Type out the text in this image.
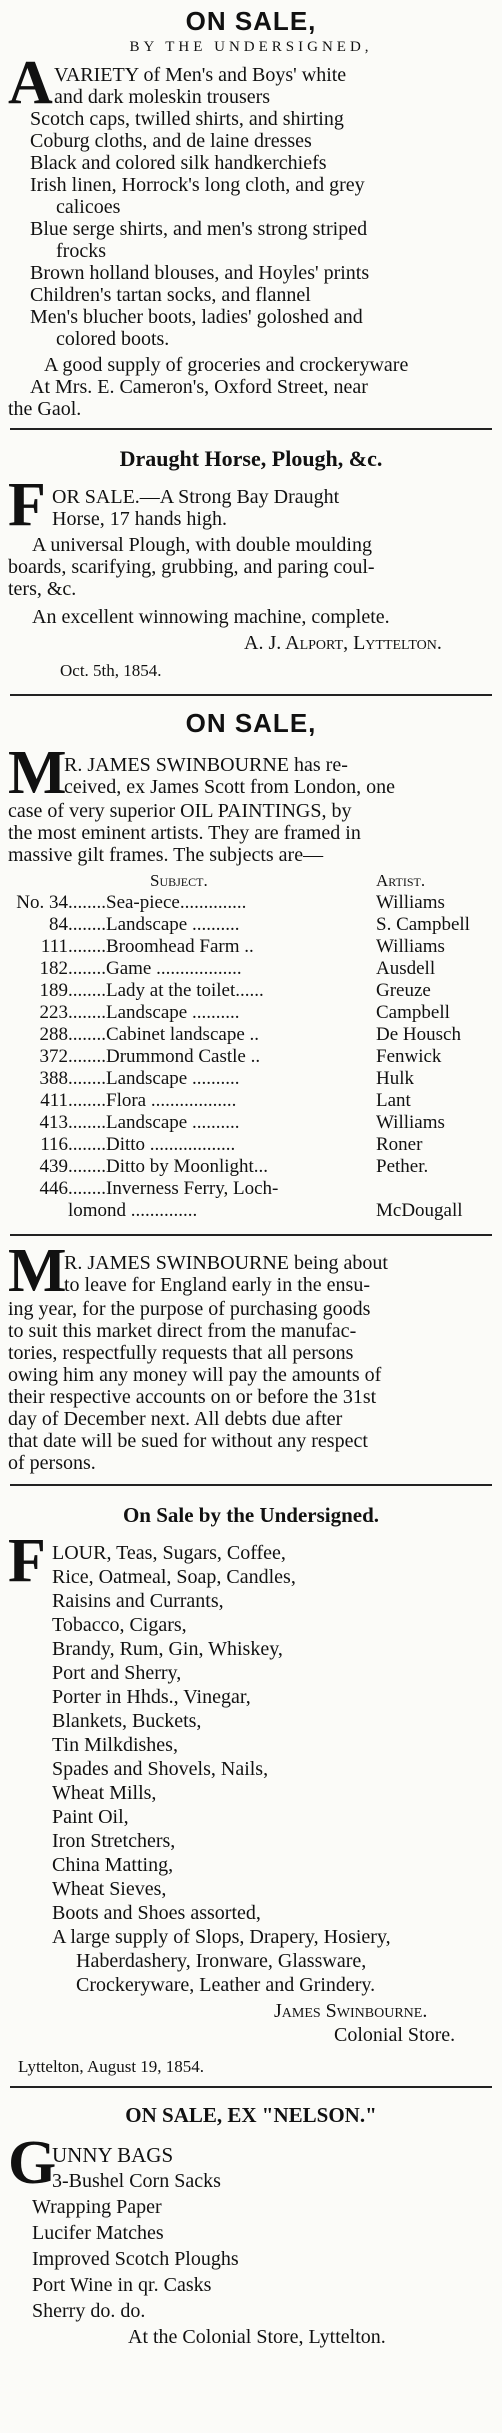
ON SALE,
BY THE UNDERSIGNED,
A VARIETY of Men's and Boys' white
and dark moleskin trousers
Scotch caps, twilled shirts, and shirting
Coburg cloths, and de laine dresses
Black and colored silk handkerchiefs
Irish linen, Horrock's long cloth, and grey
calicoes
Blue serge shirts, and men's strong striped
frocks
Brown holland blouses, and Hoyles' prints
Children's tartan socks, and flannel
Men's blucher boots, ladies' goloshed and
colored boots.
A good supply of groceries and crockeryware
At Mrs. E. Cameron's, Oxford Street, near
the Gaol.
Draught Horse, Plough, &c.
F OR SALE.—A Strong Bay Draught
Horse, 17 hands high.
A universal Plough, with double moulding
boards, scarifying, grubbing, and paring coul-
ters, &c.
An excellent winnowing machine, complete.
A. J. Alport, Lyttelton.
Oct. 5th, 1854.
ON SALE,
M
R. JAMES SWINBOURNE has re-
ceived, ex James Scott from London, one
case of very superior OIL PAINTINGS, by
the most eminent artists. They are framed in
massive gilt frames. The subjects are—
Subject.	Artist.
No. 34 ........Sea-piece..............	Williams
84 ........Landscape ..........	S. Campbell
111 ........Broomhead Farm ..	Williams
182 ........Game ..................	Ausdell
189 ........Lady at the toilet......	Greuze
223 ........Landscape ..........	Campbell
288 ........Cabinet landscape ..	De Housch
372 ........Drummond Castle ..	Fenwick
388 ........Landscape ..........	Hulk
411 ........Flora ..................	Lant
413 ........Landscape ..........	Williams
116 ........Ditto ..................	Roner
439 ........Ditto by Moonlight...	Pether.
446 ........Inverness Ferry, Loch-
lomond ..............	McDougall
M
R. JAMES SWINBOURNE being about
to leave for England early in the ensu-
ing year, for the purpose of purchasing goods
to suit this market direct from the manufac-
tories, respectfully requests that all persons
owing him any money will pay the amounts of
their respective accounts on or before the 31st
day of December next. All debts due after
that date will be sued for without any respect
of persons.
On Sale by the Undersigned.
F LOUR, Teas, Sugars, Coffee,
Rice, Oatmeal, Soap, Candles,
Raisins and Currants,
Tobacco, Cigars,
Brandy, Rum, Gin, Whiskey,
Port and Sherry,
Porter in Hhds., Vinegar,
Blankets, Buckets,
Tin Milkdishes,
Spades and Shovels, Nails,
Wheat Mills,
Paint Oil,
Iron Stretchers,
China Matting,
Wheat Sieves,
Boots and Shoes assorted,
A large supply of Slops, Drapery, Hosiery,
Haberdashery, Ironware, Glassware,
Crockeryware, Leather and Grindery.
James Swinbourne.
Colonial Store.
Lyttelton, August 19, 1854.
ON SALE, EX "NELSON."
G
UNNY BAGS
3-Bushel Corn Sacks
Wrapping Paper
Lucifer Matches
Improved Scotch Ploughs
Port Wine in qr. Casks
Sherry do. do.
At the Colonial Store, Lyttelton.
